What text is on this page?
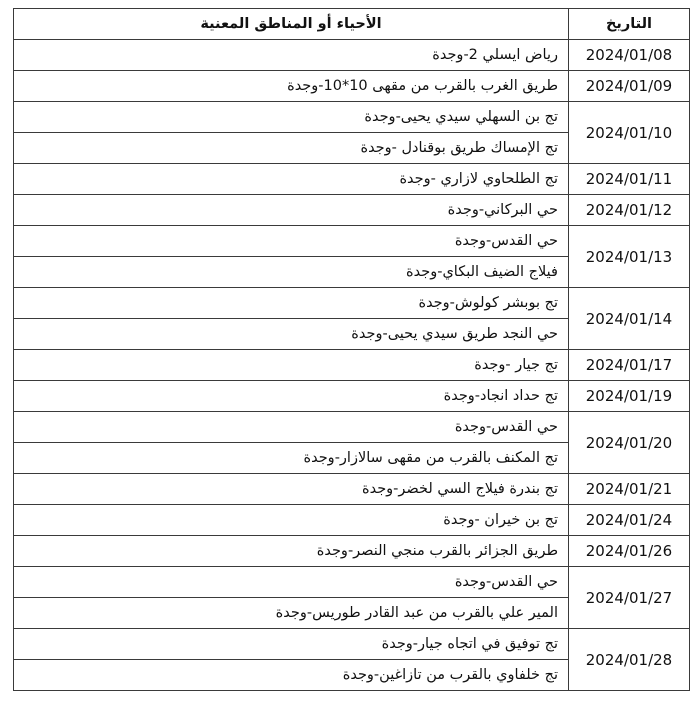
التاريخ	الأحياء أو المناطق المعنية
2024/01/08	رياض ايسلي 2-وجدة
2024/01/09	طريق الغرب بالقرب من مقهى 10*10-وجدة
2024/01/10	تج بن السهلي سيدي يحيى-وجدة
	تج الإمساك طريق بوقنادل -وجدة
2024/01/11	تج الطلحاوي لازاري -وجدة
2024/01/12	حي البركاني-وجدة
2024/01/13	حي القدس-وجدة
	فيلاج الضيف البكاي-وجدة
2024/01/14	تج بوبشر كولوش-وجدة
	حي النجد طريق سيدي يحيى-وجدة
2024/01/17	تج جيار -وجدة
2024/01/19	تج حداد انجاد-وجدة
2024/01/20	حي القدس-وجدة
	تج المكنف بالقرب من مقهى سالازار-وجدة
2024/01/21	تج بندرة فيلاج السي لخضر-وجدة
2024/01/24	تج بن خيران -وجدة
2024/01/26	طريق الجزائر بالقرب منجي النصر-وجدة
2024/01/27	حي القدس-وجدة
	المير علي بالقرب من عبد القادر طوريس-وجدة
2024/01/28	تج توفيق في اتجاه جيار-وجدة
	تج خلفاوي بالقرب من تازاغين-وجدة
